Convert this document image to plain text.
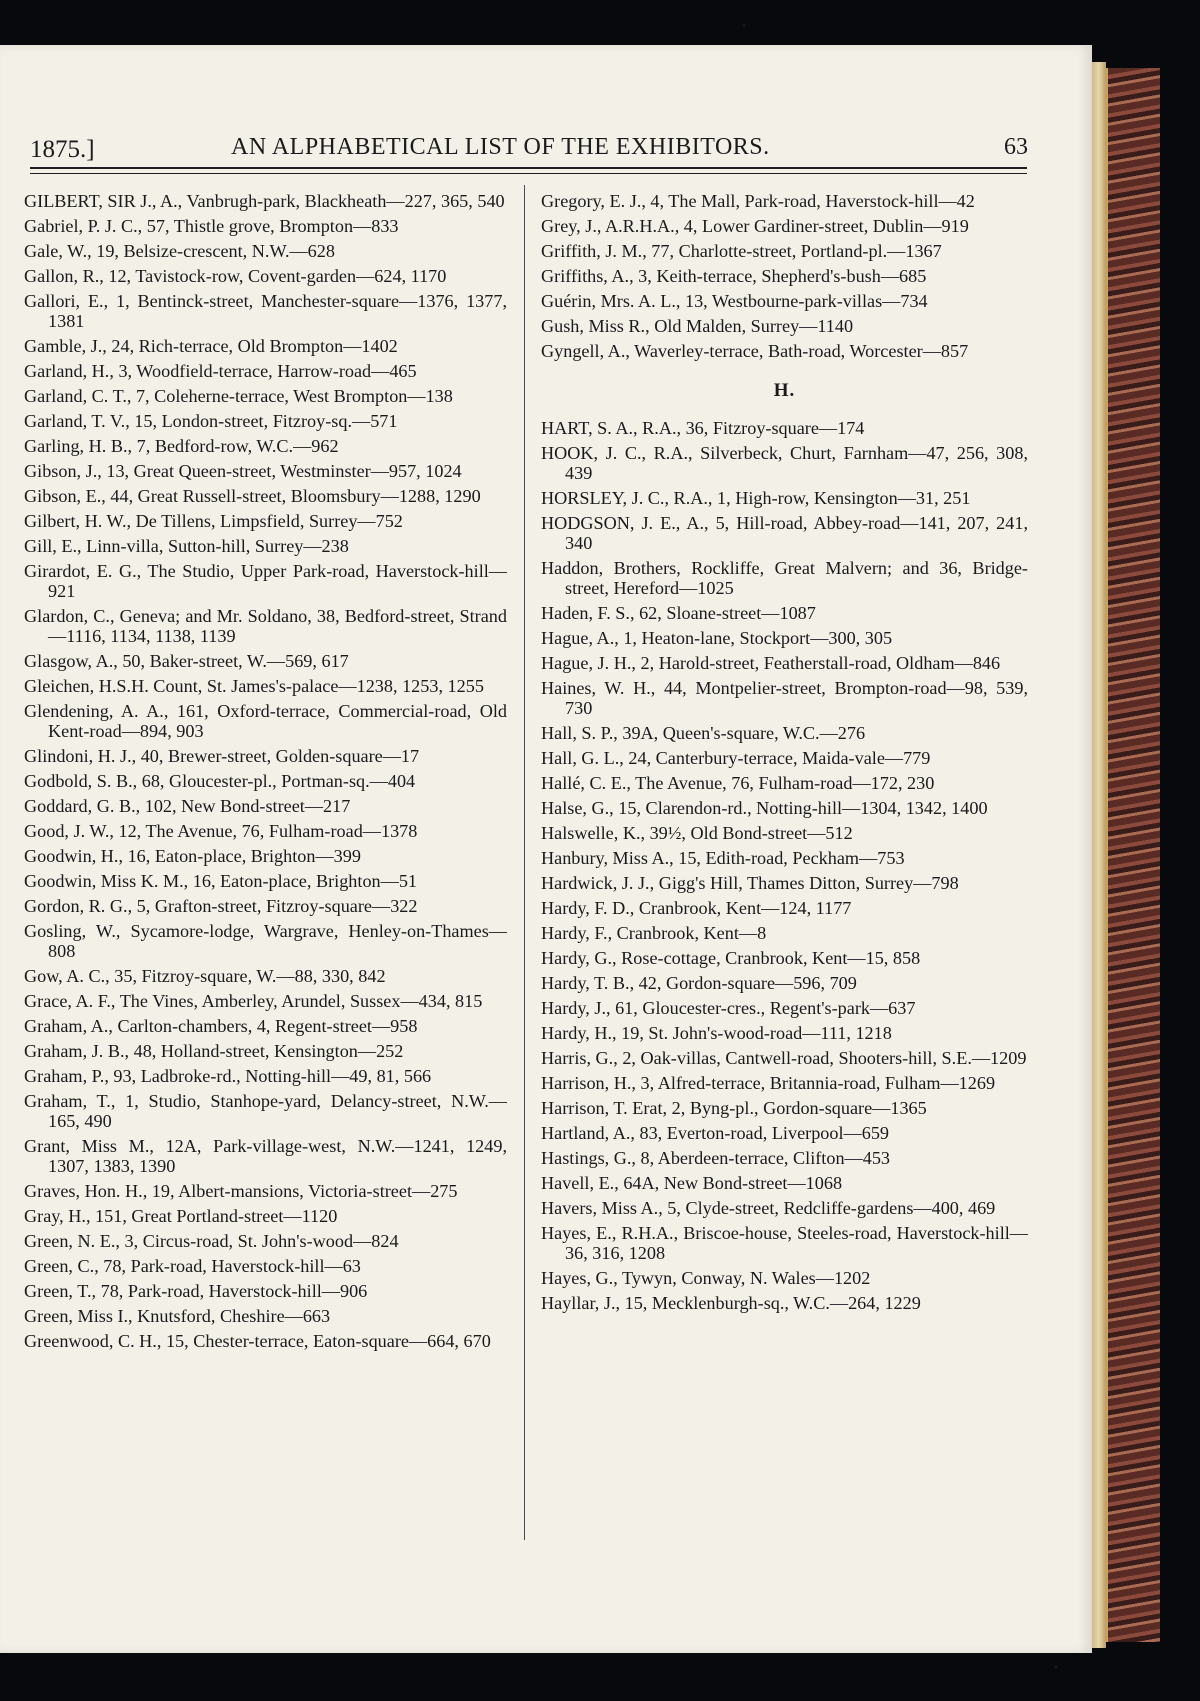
1875.]	AN ALPHABETICAL LIST OF THE EXHIBITORS.	63

GILBERT, SIR J., A., Vanbrugh-park, Blackheath—227, 365, 540

Gabriel, P. J. C., 57, Thistle grove, Brompton—833

Gale, W., 19, Belsize-crescent, N.W.—628

Gallon, R., 12, Tavistock-row, Covent-garden—624, 1170

Gallori, E., 1, Bentinck-street, Manchester-square—1376, 1377, 1381

Gamble, J., 24, Rich-terrace, Old Brompton—1402

Garland, H., 3, Woodfield-terrace, Harrow-road—465

Garland, C. T., 7, Coleherne-terrace, West Brompton—138

Garland, T. V., 15, London-street, Fitzroy-sq.—571

Garling, H. B., 7, Bedford-row, W.C.—962

Gibson, J., 13, Great Queen-street, Westminster—957, 1024

Gibson, E., 44, Great Russell-street, Bloomsbury—1288, 1290

Gilbert, H. W., De Tillens, Limpsfield, Surrey—752

Gill, E., Linn-villa, Sutton-hill, Surrey—238

Girardot, E. G., The Studio, Upper Park-road, Haverstock-hill—921

Glardon, C., Geneva; and Mr. Soldano, 38, Bedford-street, Strand—1116, 1134, 1138, 1139

Glasgow, A., 50, Baker-street, W.—569, 617

Gleichen, H.S.H. Count, St. James's-palace—1238, 1253, 1255

Glendening, A. A., 161, Oxford-terrace, Commercial-road, Old Kent-road—894, 903

Glindoni, H. J., 40, Brewer-street, Golden-square—17

Godbold, S. B., 68, Gloucester-pl., Portman-sq.—404

Goddard, G. B., 102, New Bond-street—217

Good, J. W., 12, The Avenue, 76, Fulham-road—1378

Goodwin, H., 16, Eaton-place, Brighton—399

Goodwin, Miss K. M., 16, Eaton-place, Brighton—51

Gordon, R. G., 5, Grafton-street, Fitzroy-square—322

Gosling, W., Sycamore-lodge, Wargrave, Henley-on-Thames—808

Gow, A. C., 35, Fitzroy-square, W.—88, 330, 842

Grace, A. F., The Vines, Amberley, Arundel, Sussex—434, 815

Graham, A., Carlton-chambers, 4, Regent-street—958

Graham, J. B., 48, Holland-street, Kensington—252

Graham, P., 93, Ladbroke-rd., Notting-hill—49, 81, 566

Graham, T., 1, Studio, Stanhope-yard, Delancy-street, N.W.—165, 490

Grant, Miss M., 12A, Park-village-west, N.W.—1241, 1249, 1307, 1383, 1390

Graves, Hon. H., 19, Albert-mansions, Victoria-street—275

Gray, H., 151, Great Portland-street—1120

Green, N. E., 3, Circus-road, St. John's-wood—824

Green, C., 78, Park-road, Haverstock-hill—63

Green, T., 78, Park-road, Haverstock-hill—906

Green, Miss I., Knutsford, Cheshire—663

Greenwood, C. H., 15, Chester-terrace, Eaton-square—664, 670

Gregory, E. J., 4, The Mall, Park-road, Haverstock-hill—42

Grey, J., A.R.H.A., 4, Lower Gardiner-street, Dublin—919

Griffith, J. M., 77, Charlotte-street, Portland-pl.—1367

Griffiths, A., 3, Keith-terrace, Shepherd's-bush—685

Guérin, Mrs. A. L., 13, Westbourne-park-villas—734

Gush, Miss R., Old Malden, Surrey—1140

Gyngell, A., Waverley-terrace, Bath-road, Worcester—857

H.

HART, S. A., R.A., 36, Fitzroy-square—174

HOOK, J. C., R.A., Silverbeck, Churt, Farnham—47, 256, 308, 439

HORSLEY, J. C., R.A., 1, High-row, Kensington—31, 251

HODGSON, J. E., A., 5, Hill-road, Abbey-road—141, 207, 241, 340

Haddon, Brothers, Rockliffe, Great Malvern; and 36, Bridge-street, Hereford—1025

Haden, F. S., 62, Sloane-street—1087

Hague, A., 1, Heaton-lane, Stockport—300, 305

Hague, J. H., 2, Harold-street, Featherstall-road, Oldham—846

Haines, W. H., 44, Montpelier-street, Brompton-road—98, 539, 730

Hall, S. P., 39A, Queen's-square, W.C.—276

Hall, G. L., 24, Canterbury-terrace, Maida-vale—779

Hallé, C. E., The Avenue, 76, Fulham-road—172, 230

Halse, G., 15, Clarendon-rd., Notting-hill—1304, 1342, 1400

Halswelle, K., 39½, Old Bond-street—512

Hanbury, Miss A., 15, Edith-road, Peckham—753

Hardwick, J. J., Gigg's Hill, Thames Ditton, Surrey—798

Hardy, F. D., Cranbrook, Kent—124, 1177

Hardy, F., Cranbrook, Kent—8

Hardy, G., Rose-cottage, Cranbrook, Kent—15, 858

Hardy, T. B., 42, Gordon-square—596, 709

Hardy, J., 61, Gloucester-cres., Regent's-park—637

Hardy, H., 19, St. John's-wood-road—111, 1218

Harris, G., 2, Oak-villas, Cantwell-road, Shooters-hill, S.E.—1209

Harrison, H., 3, Alfred-terrace, Britannia-road, Fulham—1269

Harrison, T. Erat, 2, Byng-pl., Gordon-square—1365

Hartland, A., 83, Everton-road, Liverpool—659

Hastings, G., 8, Aberdeen-terrace, Clifton—453

Havell, E., 64A, New Bond-street—1068

Havers, Miss A., 5, Clyde-street, Redcliffe-gardens—400, 469

Hayes, E., R.H.A., Briscoe-house, Steeles-road, Haverstock-hill—36, 316, 1208

Hayes, G., Tywyn, Conway, N. Wales—1202

Hayllar, J., 15, Mecklenburgh-sq., W.C.—264, 1229
